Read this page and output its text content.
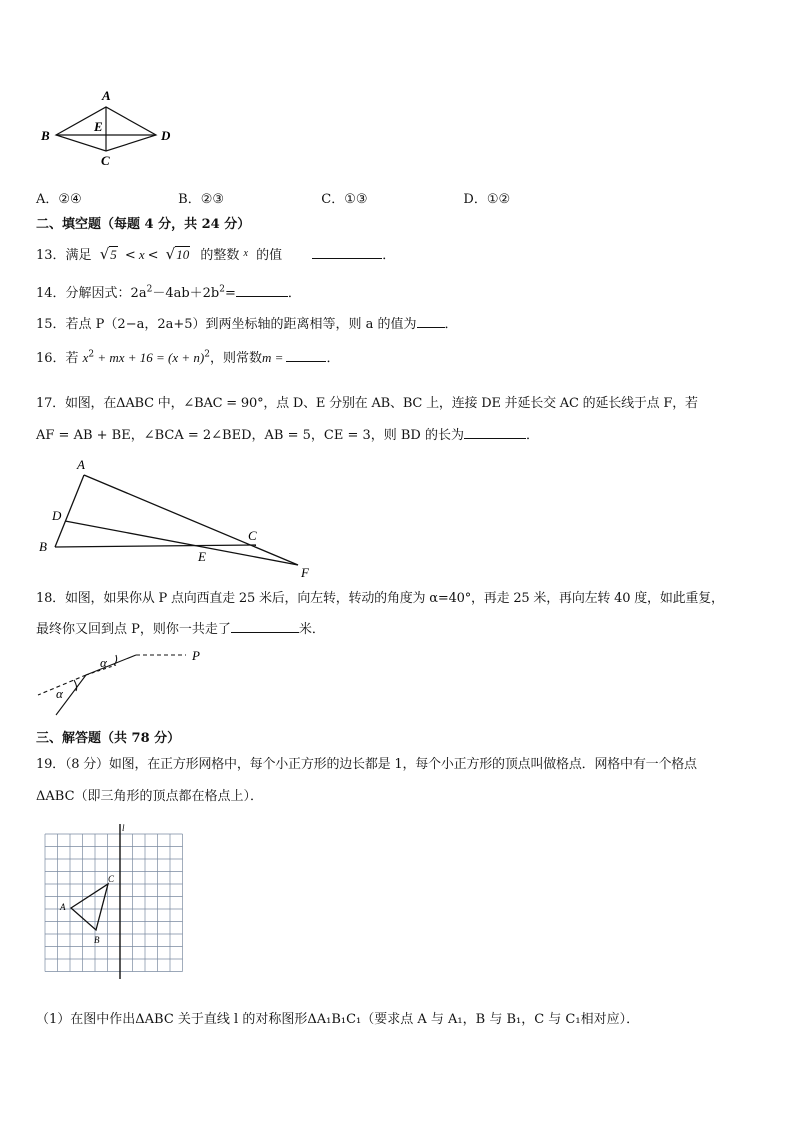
A
B	D
C
E
A．②④	B．②③	C．①③	D．①②
二、填空题（每题 4 分，共 24 分）
13．满足 √5 < x < √10 的整数 $^x$ 的值	．
14．分解因式：$2a^2-4ab+2b^2=$	．
15．若点 P（2−a，2a+5）到两坐标轴的距离相等，则 a 的值为 ．
16．若 $x^2$ + mx + $16 = (x + n)^2$，则常数m =	．
17．如图，在ΔABC 中，∠BAC = 90°，点 D、E 分别在 AB、BC 上，连接 DE 并延长交 AC 的延长线于点 F，若
AF = AB + BE，∠BCA = 2∠BED，AB = 5，CE = 3，则 BD 的长为	．
A
D
B
E
C
F
18．如图，如果你从 P 点向西直走 25 米后，向左转，转动的角度为 α=40°，再走 25 米，再向左转 40 度，如此重复，
最终你又回到点 P，则你一共走了	米．
P
α
α
三、解答题（共 78 分）
19．（8 分）如图，在正方形网格中，每个小正方形的边长都是 1，每个小正方形的顶点叫做格点．网格中有一个格点
ΔABC（即三角形的顶点都在格点上）．
l
A
C
B
（1）在图中作出ΔABC 关于直线 l 的对称图形ΔA₁B₁C₁（要求点 A 与 A₁，B 与 B₁，C 与 C₁相对应）．
